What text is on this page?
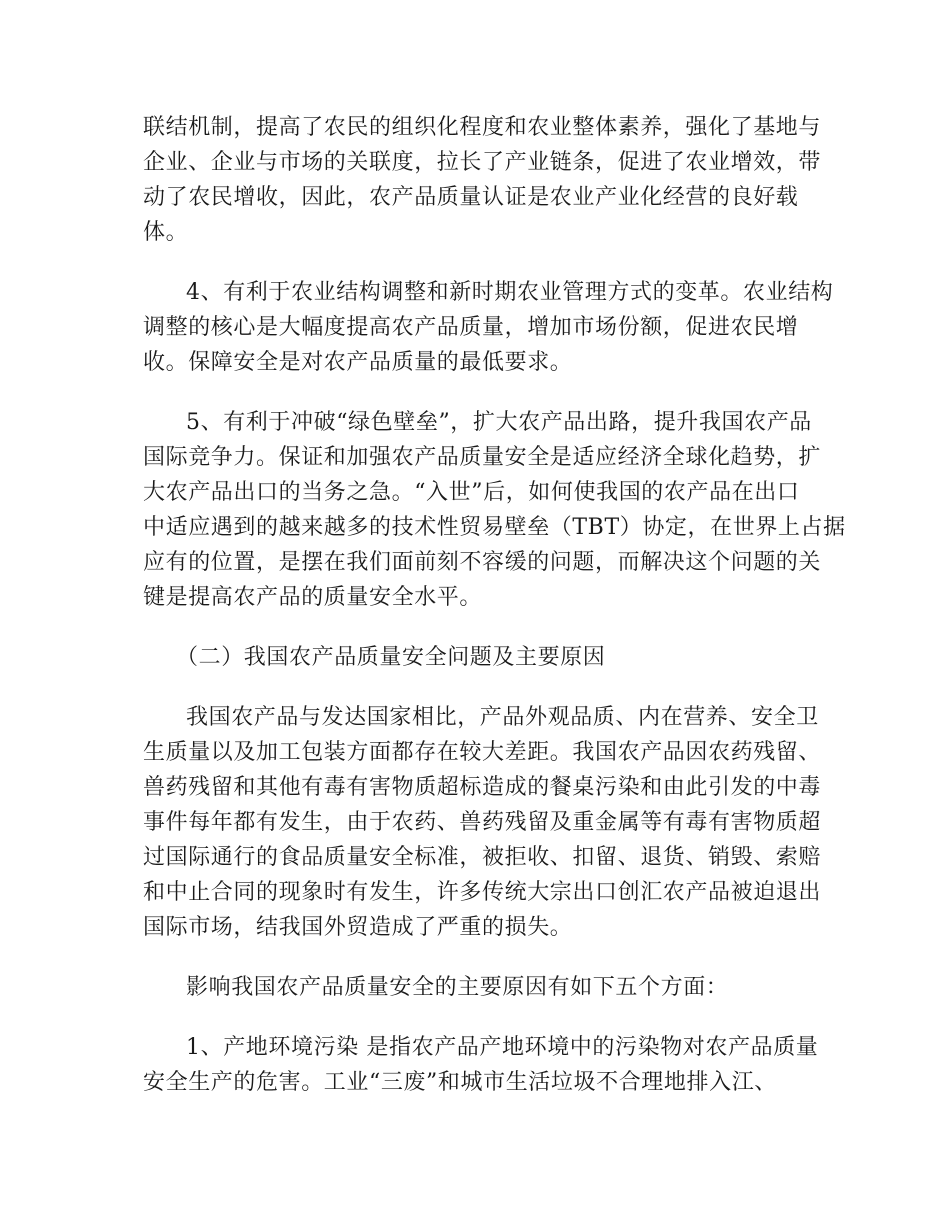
联结机制，提高了农民的组织化程度和农业整体素养，强化了基地与
企业、企业与市场的关联度，拉长了产业链条，促进了农业增效，带
动了农民增收，因此，农产品质量认证是农业产业化经营的良好载
体。
4、有利于农业结构调整和新时期农业管理方式的变革。农业结构
调整的核心是大幅度提高农产品质量，增加市场份额，促进农民增
收。保障安全是对农产品质量的最低要求。
5、有利于冲破“绿色壁垒”，扩大农产品出路，提升我国农产品
国际竞争力。保证和加强农产品质量安全是适应经济全球化趋势，扩
大农产品出口的当务之急。“入世”后，如何使我国的农产品在出口
中适应遇到的越来越多的技术性贸易壁垒（TBT）协定，在世界上占据
应有的位置，是摆在我们面前刻不容缓的问题，而解决这个问题的关
键是提高农产品的质量安全水平。
（二）我国农产品质量安全问题及主要原因
我国农产品与发达国家相比，产品外观品质、内在营养、安全卫
生质量以及加工包装方面都存在较大差距。我国农产品因农药残留、
兽药残留和其他有毒有害物质超标造成的餐桌污染和由此引发的中毒
事件每年都有发生，由于农药、兽药残留及重金属等有毒有害物质超
过国际通行的食品质量安全标准，被拒收、扣留、退货、销毁、索赔
和中止合同的现象时有发生，许多传统大宗出口创汇农产品被迫退出
国际市场，结我国外贸造成了严重的损失。
影响我国农产品质量安全的主要原因有如下五个方面：
1、产地环境污染 是指农产品产地环境中的污染物对农产品质量
安全生产的危害。工业“三废”和城市生活垃圾不合理地排入江、
